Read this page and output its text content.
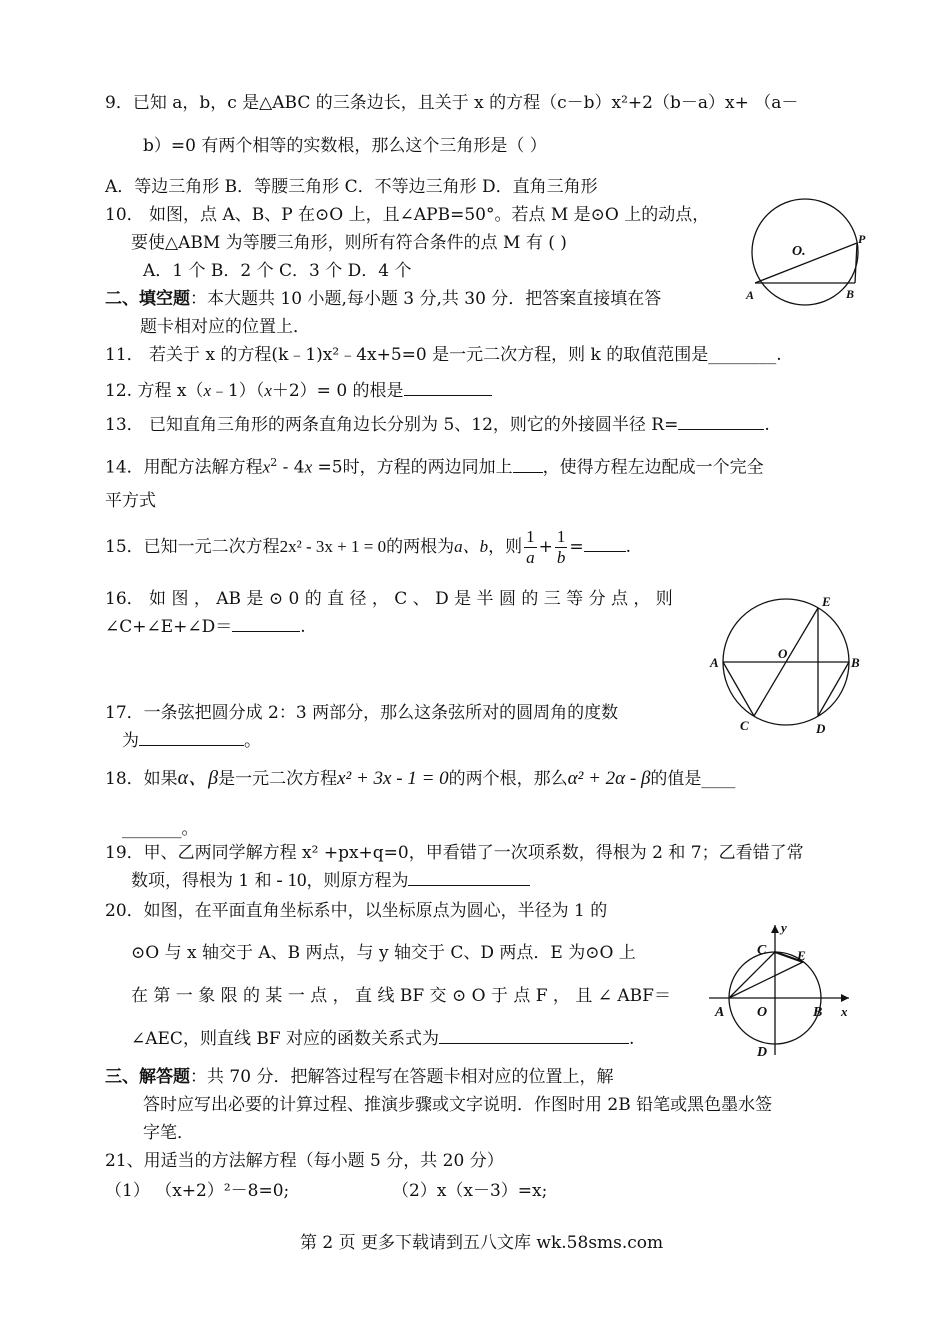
9．已知 a，b，c 是△ABC 的三条边长，且关于 x 的方程（c－b）x²+2（b－a）x+ （a－
b）=0 有两个相等的实数根，那么这个三角形是（ ）
A．等边三角形 B．等腰三角形 C．不等边三角形 D．直角三角形
10． 如图，点 A、B、P 在⊙O 上，且∠APB=50°。若点 M 是⊙O 上的动点，
要使△ABM 为等腰三角形，则所有符合条件的点 M 有 ( )
A．1 个 B．2 个 C．3 个 D．4 个
O.
P
A	B
二、填空题：本大题共 10 小题,每小题 3 分,共 30 分．把答案直接填在答
题卡相对应的位置上．
11． 若关于 x 的方程(k﹣1)x²﹣4x+5=0 是一元二次方程，则 k 的取值范围是________.
12. 方程 x（x﹣1）（x＋2）= 0 的根是
13． 已知直角三角形的两条直角边长分别为 5、12，则它的外接圆半径 R=	.
14．用配方法解方程$x^2 - 4x =5$时，方程的两边同加上 ，使得方程左边配成一个完全
平方式
15．已知一元二次方程2x² - 3x + 1 = 0的两根为a、b，则 $\frac{1}{a} + \frac{1}{b}$ = .
16． 如 图 ， AB 是 ⊙ 0 的 直 径 ， C 、 D 是 半 圆 的 三 等 分 点 ， 则
∠C+∠E+∠D＝	.
E
A
O
B
C	D
17．一条弦把圆分成 2：3 两部分，那么这条弦所对的圆周角的度数
为	。
18．如果α、β是一元二次方程x² + 3x - 1 = 0的两个根，那么α² + 2α - β的值是____
_______。
19．甲、乙两同学解方程 x² +px+q=0，甲看错了一次项系数，得根为 2 和 7；乙看错了常
数项，得根为 1 和 - 10，则原方程为
20．如图，在平面直角坐标系中，以坐标原点为圆心，半径为 1 的
⊙O 与 x 轴交于 A、B 两点，与 y 轴交于 C、D 两点．E 为⊙O 上
在 第 一 象 限 的 某 一 点 ， 直 线 BF 交 ⊙ O 于 点 F ， 且 ∠ ABF＝
∠AEC，则直线 BF 对应的函数关系式为	.
y
C E
A O	B x
D
三、解答题：共 70 分．把解答过程写在答题卡相对应的位置上，解
答时应写出必要的计算过程、推演步骤或文字说明．作图时用 2B 铅笔或黑色墨水签
字笔．
21、用适当的方法解方程（每小题 5 分，共 20 分）
（1） （x+2）²－8=0;	（2）x（x－3）=x;
第 2 页 更多下载请到五八文库 wk.58sms.com
